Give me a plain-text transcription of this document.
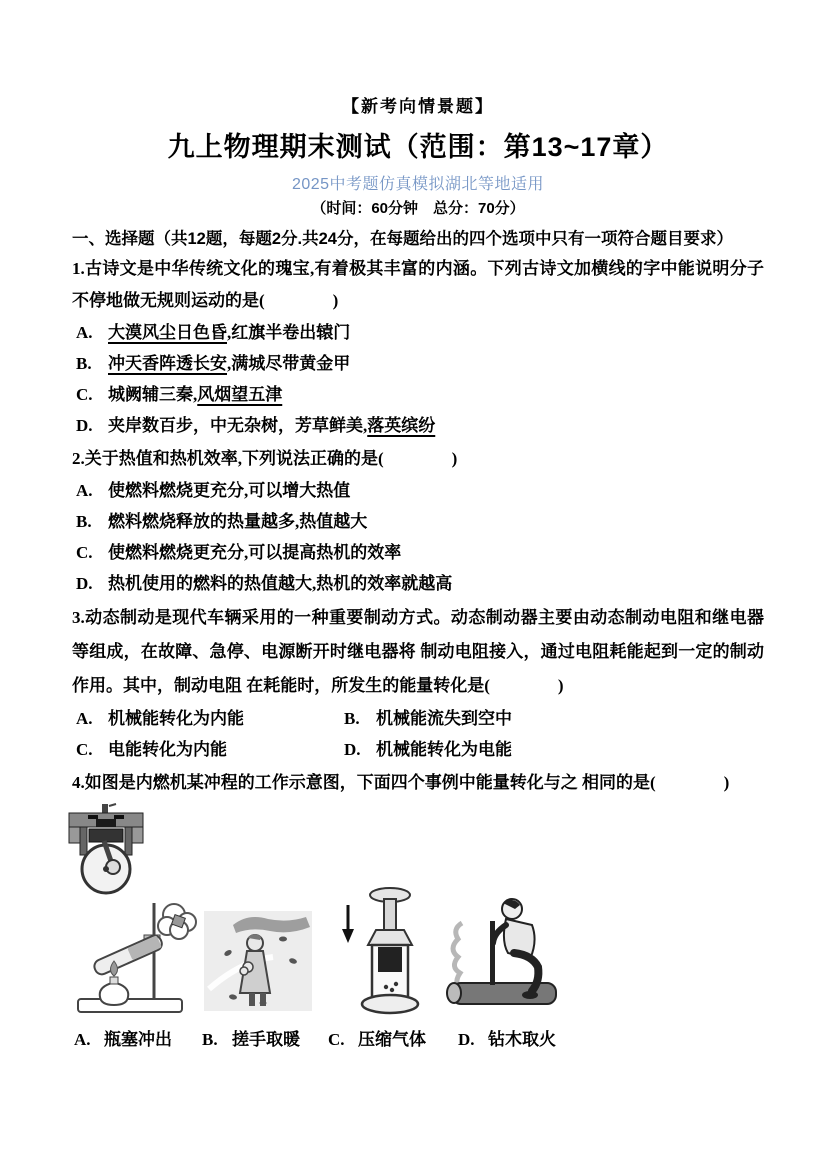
【新考向情景题】
九上物理期末测试（范围：第13~17章）
2025中考题仿真模拟湖北等地适用
（时间：60分钟　总分：70分）
一、选择题（共12题，每题2分.共24分，在每题给出的四个选项中只有一项符合题目要求）

1.古诗文是中华传统文化的瑰宝,有着极其丰富的内涵。下列古诗文加横线的字中能说明分子不停地做无规则运动的是(　　　　)

A. 大漠风尘日色昏,红旗半卷出辕门
B. 冲天香阵透长安,满城尽带黄金甲
C. 城阙辅三秦,风烟望五津
D. 夹岸数百步，中无杂树，芳草鲜美,落英缤纷

2.关于热值和热机效率,下列说法正确的是(　　　　)

A. 使燃料燃烧更充分,可以增大热值
B. 燃料燃烧释放的热量越多,热值越大
C. 使燃料燃烧更充分,可以提高热机的效率
D. 热机使用的燃料的热值越大,热机的效率就越高

3.动态制动是现代车辆采用的一种重要制动方式。动态制动器主要由动态制动电阻和继电器等组成，在故障、急停、电源断开时继电器将 制动电阻接入，通过电阻耗能起到一定的制动作用。其中，制动电阻 在耗能时，所发生的能量转化是(　　　　)

A. 机械能转化为内能	B. 机械能流失到空中
C. 电能转化为内能	D. 机械能转化为电能

4.如图是内燃机某冲程的工作示意图，下面四个事例中能量转化与之 相同的是(　　　　)

A. 瓶塞冲出 B. 搓手取暖 C. 压缩气体 D. 钻木取火
